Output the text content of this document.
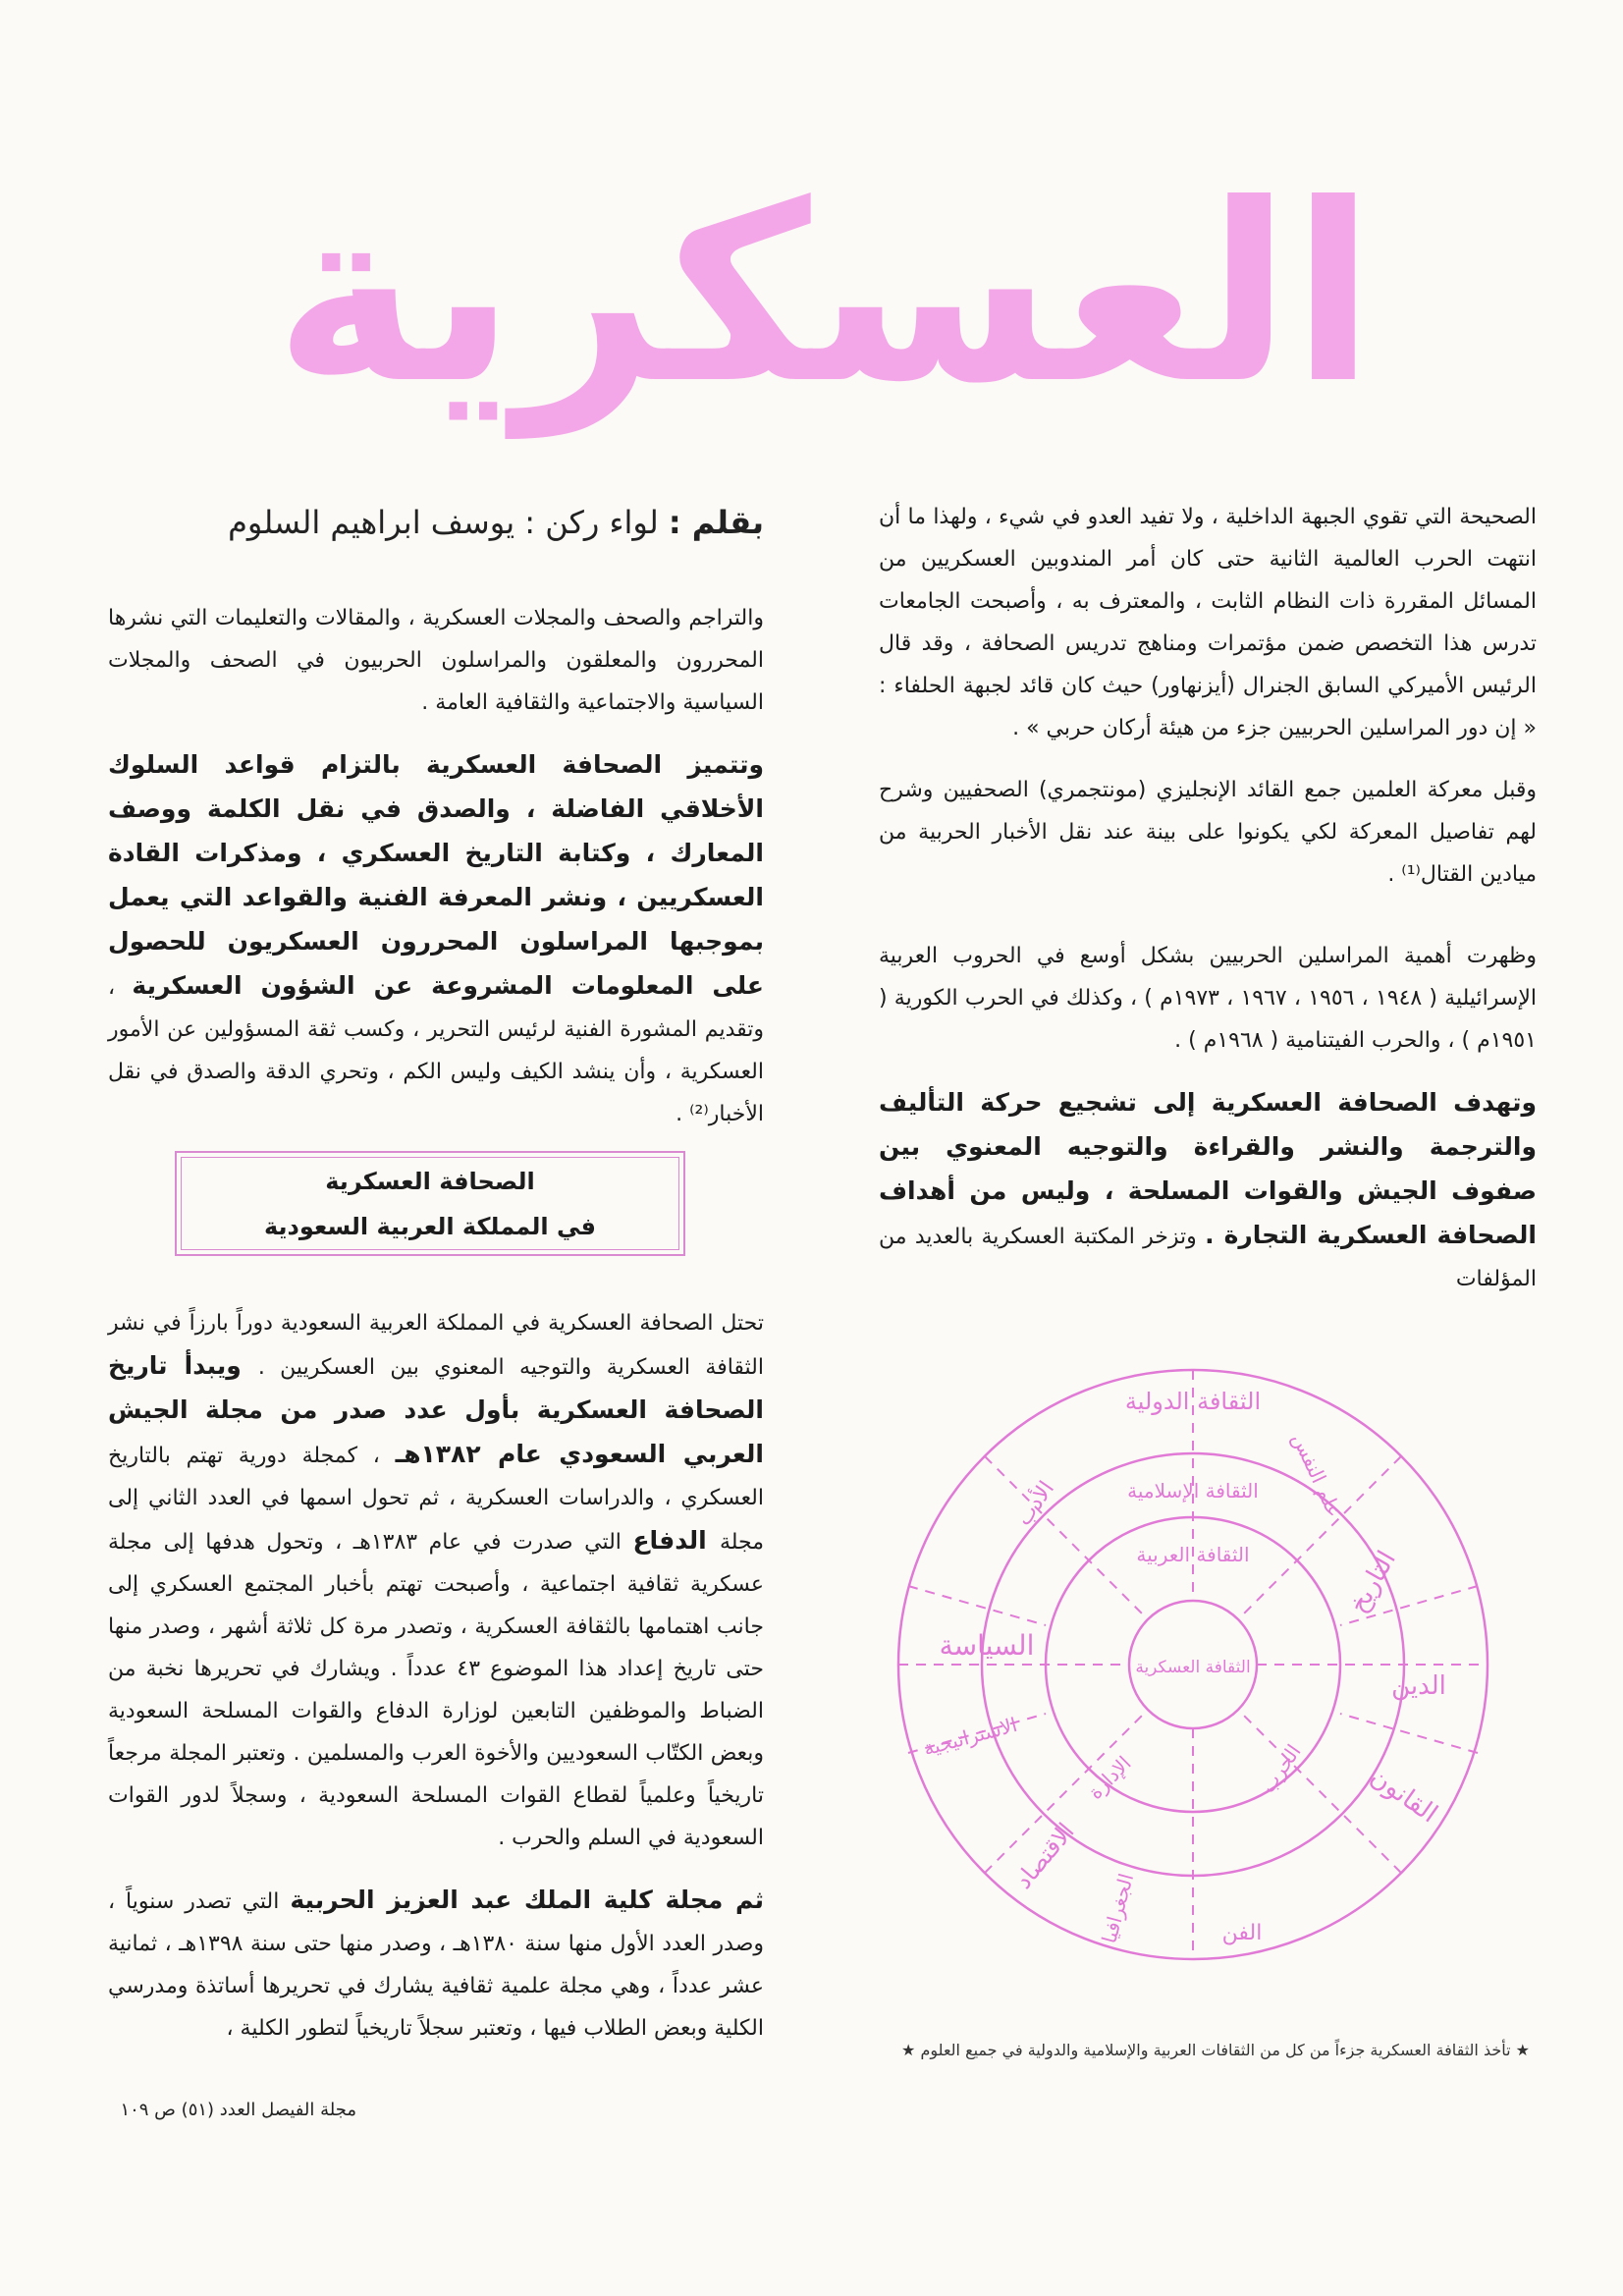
العسكرية
بقلم : لواء ركن : يوسف ابراهيم السلوم	الصحيحة التي تقوي الجبهة الداخلية ، ولا تفيد العدو في شيء ، ولهذا ما أن انتهت الحرب العالمية الثانية حتى كان أمر المندوبين العسكريين من المسائل المقررة ذات النظام الثابت ، والمعترف به ، وأصبحت الجامعات تدرس هذا التخصص ضمن مؤتمرات ومناهج تدريس الصحافة ، وقد قال الرئيس الأميركي السابق الجنرال (أيزنهاور) حيث كان قائد لجبهة الحلفاء : « إن دور المراسلين الحربيين جزء من هيئة أركان حربي » .

وقبل معركة العلمين جمع القائد الإنجليزي (مونتجمري) الصحفيين وشرح لهم تفاصيل المعركة لكي يكونوا على بينة عند نقل الأخبار الحربية من ميادين القتال⁽¹⁾ .

وظهرت أهمية المراسلين الحربيين بشكل أوسع في الحروب العربية الإسرائيلية ( ١٩٤٨ ، ١٩٥٦ ، ١٩٦٧ ، ١٩٧٣م ) ، وكذلك في الحرب الكورية ( ١٩٥١م ) ، والحرب الفيتنامية ( ١٩٦٨م ) .

وتهدف الصحافة العسكرية إلى تشجيع حركة التأليف والترجمة والنشر والقراءة والتوجيه المعنوي بين صفوف الجيش والقوات المسلحة ، وليس من أهداف الصحافة العسكرية التجارة . وتزخر المكتبة العسكرية بالعديد من المؤلفات

والتراجم والصحف والمجلات العسكرية ، والمقالات والتعليمات التي نشرها المحررون والمعلقون والمراسلون الحربيون في الصحف والمجلات السياسية والاجتماعية والثقافية العامة .

وتتميز الصحافة العسكرية بالتزام قواعد السلوك الأخلاقي الفاضلة ، والصدق في نقل الكلمة ووصف المعارك ، وكتابة التاريخ العسكري ، ومذكرات القادة العسكريين ، ونشر المعرفة الفنية والقواعد التي يعمل بموجبها المراسلون المحررون العسكريون للحصول على المعلومات المشروعة عن الشؤون العسكرية ، وتقديم المشورة الفنية لرئيس التحرير ، وكسب ثقة المسؤولين عن الأمور العسكرية ، وأن ينشد الكيف وليس الكم ، وتحري الدقة والصدق في نقل الأخبار⁽²⁾ .

تحتل الصحافة العسكرية في المملكة العربية السعودية دوراً بارزاً في نشر الثقافة العسكرية والتوجيه المعنوي بين العسكريين . ويبدأ تاريخ الصحافة العسكرية بأول عدد صدر من مجلة الجيش العربي السعودي عام ١٣٨٢هـ ، كمجلة دورية تهتم بالتاريخ العسكري ، والدراسات العسكرية ، ثم تحول اسمها في العدد الثاني إلى مجلة الدفاع التي صدرت في عام ١٣٨٣هـ ، وتحول هدفها إلى مجلة عسكرية ثقافية اجتماعية ، وأصبحت تهتم بأخبار المجتمع العسكري إلى جانب اهتمامها بالثقافة العسكرية ، وتصدر مرة كل ثلاثة أشهر ، وصدر منها حتى تاريخ إعداد هذا الموضوع ٤٣ عدداً . ويشارك في تحريرها نخبة من الضباط والموظفين التابعين لوزارة الدفاع والقوات المسلحة السعودية وبعض الكتّاب السعوديين والأخوة العرب والمسلمين . وتعتبر المجلة مرجعاً تاريخياً وعلمياً لقطاع القوات المسلحة السعودية ، وسجلاً لدور القوات السعودية في السلم والحرب .

ثم مجلة كلية الملك عبد العزيز الحربية التي تصدر سنوياً ، وصدر العدد الأول منها سنة ١٣٨٠هـ ، وصدر منها حتى سنة ١٣٩٨هـ ، ثمانية عشر عدداً ، وهي مجلة علمية ثقافية يشارك في تحريرها أساتذة ومدرسي الكلية وبعض الطلاب فيها ، وتعتبر سجلاً تاريخياً لتطور الكلية ،

الصحافة العسكرية
في المملكة العربية السعودية
الثقافة الدولية
التاريخ
الدين
القانون
السياسة
الاستراتيجية
الاقتصاد
الجغرافيا	الفن
الأدب	علم النفس
الثقافة الإسلامية
الثقافة العربية
الحرب
الإدارة
الثقافة العسكرية
★ تأخذ الثقافة العسكرية جزءاً من كل من الثقافات العربية والإسلامية والدولية في جميع العلوم ★
مجلة الفيصل العدد (٥١) ص ١٠٩
